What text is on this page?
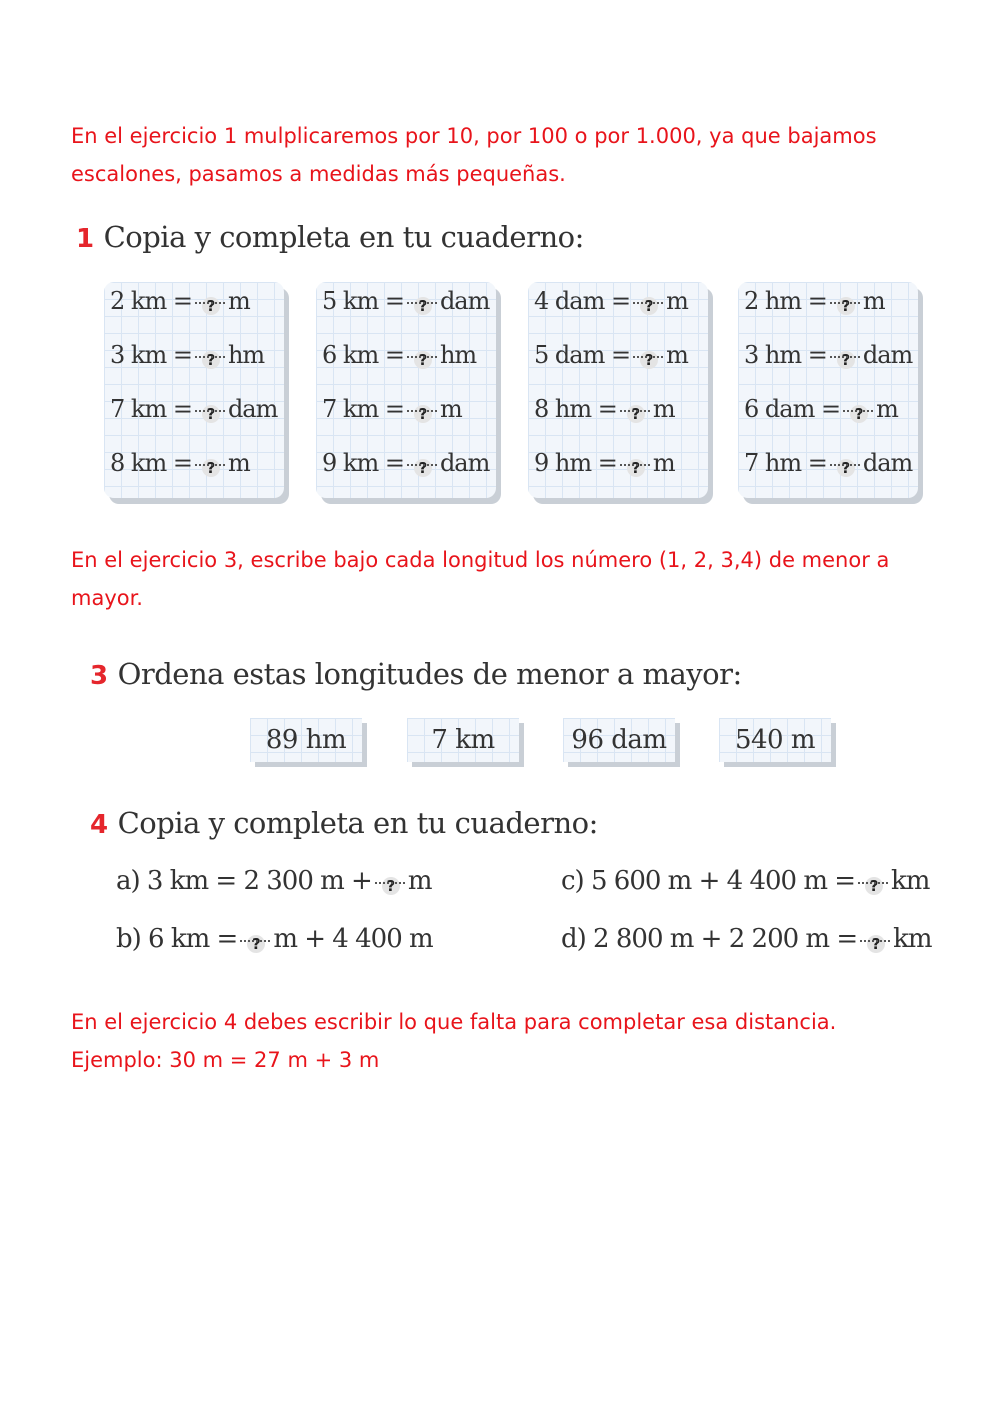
En el ejercicio 1 mulplicaremos por 10, por 100 o por 1.000, ya que bajamos escalones, pasamos a medidas más pequeñas.
1 Copia y completa en tu cuaderno:
2 km = ? m
3 km = ? hm
7 km = ? dam
8 km = ? m
5 km = ? dam
6 km = ? hm
7 km = ? m
9 km = ? dam
4 dam = ? m
5 dam = ? m
8 hm = ? m
9 hm = ? m
2 hm = ? m
3 hm = ? dam
6 dam = ? m
7 hm = ? dam
En el ejercicio 3, escribe bajo cada longitud los número (1, 2, 3,4) de menor a mayor.
3 Ordena estas longitudes de menor a mayor:
89 hm	7 km	96 dam	540 m
4 Copia y completa en tu cuaderno:
a) 3 km = 2 300 m + ? m
b) 6 km = ? m + 4 400 m
c) 5 600 m + 4 400 m = ? km
d) 2 800 m + 2 200 m = ? km
En el ejercicio 4 debes escribir lo que falta para completar esa distancia.
Ejemplo: 30 m = 27 m + 3 m
